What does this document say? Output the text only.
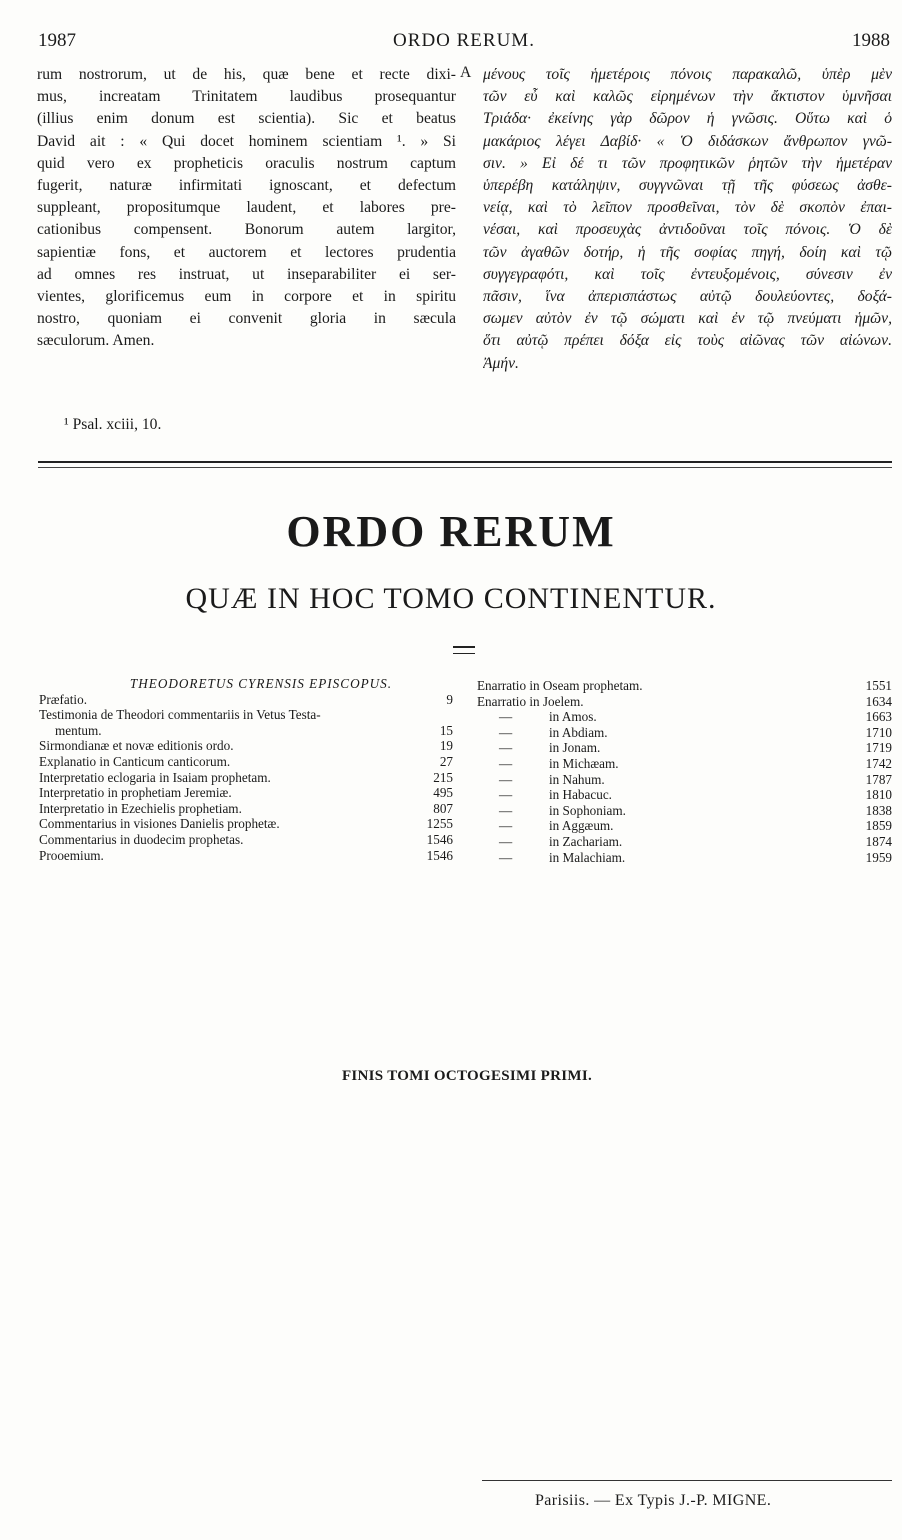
1987	ORDO RERUM.	1988
rum nostrorum, ut de his, quæ bene et recte dixi-
mus, increatam Trinitatem laudibus prosequantur
(illius enim donum est scientia). Sic et beatus
David ait : « Qui docet hominem scientiam ¹. » Si
quid vero ex propheticis oraculis nostrum captum
fugerit, naturæ infirmitati ignoscant, et defectum
suppleant, propositumque laudent, et labores pre-
cationibus compensent. Bonorum autem largitor,
sapientiæ fons, et auctorem et lectores prudentia
ad omnes res instruat, ut inseparabiliter ei ser-
vientes, glorificemus eum in corpore et in spiritu
nostro, quoniam ei convenit gloria in sæcula
sæculorum. Amen.
A μένους τοῖς ἡμετέροις πόνοις παρακαλῶ, ὑπὲρ μὲν
τῶν εὖ καὶ καλῶς εἰρημένων τὴν ἄκτιστον ὑμνῆσαι
Τριάδα· ἐκείνης γὰρ δῶρον ἡ γνῶσις. Οὕτω καὶ ὁ
μακάριος λέγει Δαβίδ· « Ὁ διδάσκων ἄνθρωπον γνῶ-
σιν. » Εἰ δέ τι τῶν προφητικῶν ῥητῶν τὴν ἡμετέραν
ὑπερέβη κατάληψιν, συγγνῶναι τῇ τῆς φύσεως ἀσθε-
νείᾳ, καὶ τὸ λεῖπον προσθεῖναι, τὸν δὲ σκοπὸν ἐπαι-
νέσαι, καὶ προσευχὰς ἀντιδοῦναι τοῖς πόνοις. Ὁ δὲ
τῶν ἀγαθῶν δοτήρ, ἡ τῆς σοφίας πηγή, δοίη καὶ τῷ
συγγεγραφότι, καὶ τοῖς ἐντευξομένοις, σύνεσιν ἐν
πᾶσιν, ἵνα ἀπερισπάστως αὐτῷ δουλεύοντες, δοξά-
σωμεν αὐτὸν ἐν τῷ σώματι καὶ ἐν τῷ πνεύματι ἡμῶν,
ὅτι αὐτῷ πρέπει δόξα εἰς τοὺς αἰῶνας τῶν αἰώνων.
Ἀμήν.
¹ Psal. xciii, 10.
ORDO RERUM
QUÆ IN HOC TOMO CONTINENTUR.
THEODORETUS CYRENSIS EPISCOPUS.
Præfatio.	9
Testimonia de Theodori commentariis in Vetus Testa-
mentum.	15
Sirmondianæ et novæ editionis ordo.	19
Explanatio in Canticum canticorum.	27
Interpretatio eclogaria in Isaiam prophetam.	215
Interpretatio in prophetiam Jeremiæ.	495
Interpretatio in Ezechielis prophetiam.	807
Commentarius in visiones Danielis prophetæ.	1255
Commentarius in duodecim prophetas.	1546
Prooemium.	1546
Enarratio in Oseam prophetam.	1551
Enarratio in Joelem.	1634
—	in Amos.	1663
—	in Abdiam.	1710
—	in Jonam.	1719
—	in Michæam.	1742
—	in Nahum.	1787
—	in Habacuc.	1810
—	in Sophoniam.	1838
—	in Aggæum.	1859
—	in Zachariam.	1874
—	in Malachiam.	1959
FINIS TOMI OCTOGESIMI PRIMI.
Parisiis. — Ex Typis J.-P. MIGNE.
